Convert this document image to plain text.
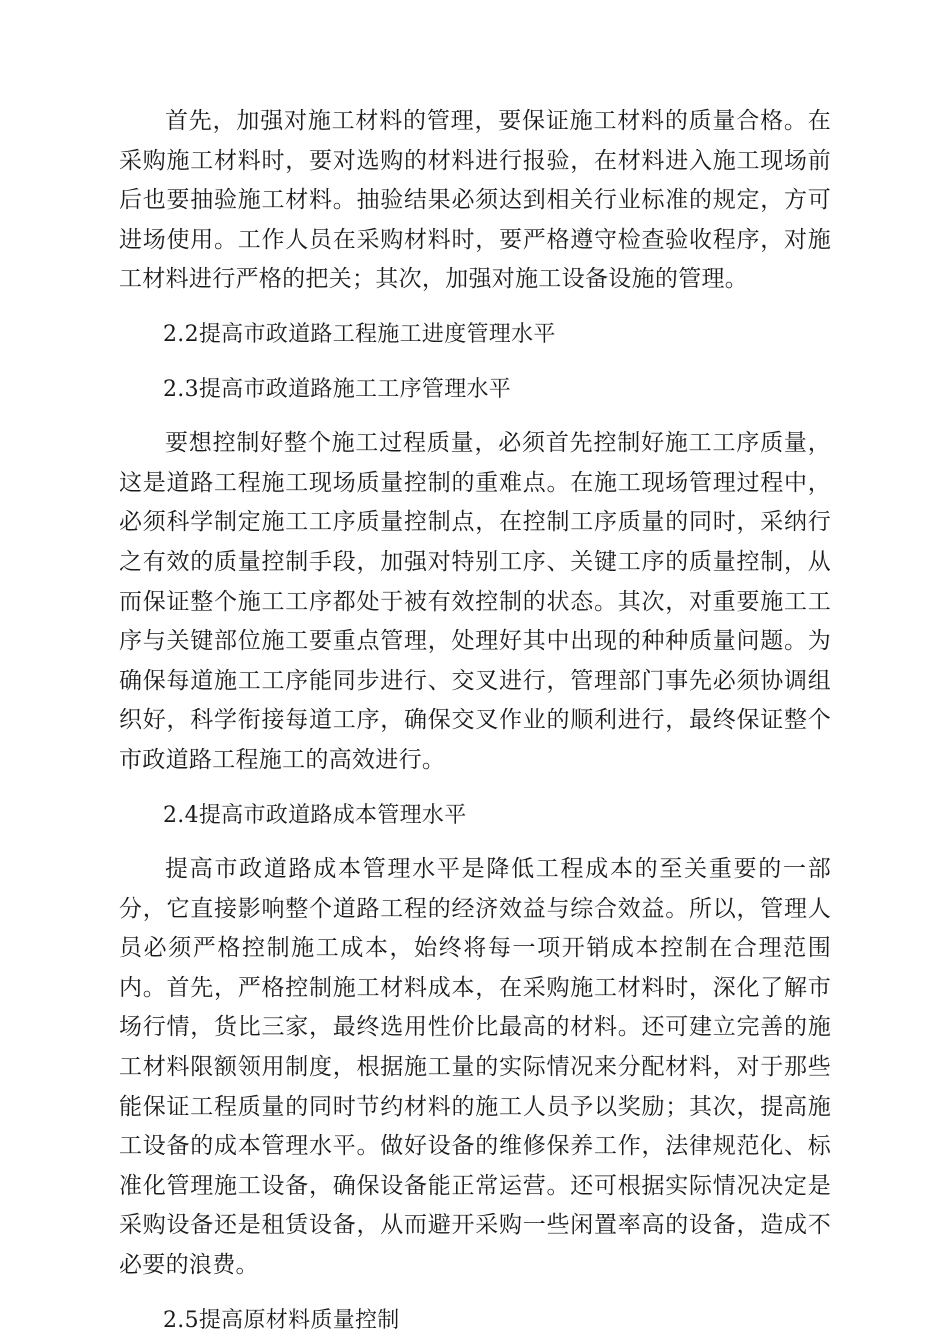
首先，加强对施工材料的管理，要保证施工材料的质量合格。在采购施工材料时，要对选购的材料进行报验，在材料进入施工现场前后也要抽验施工材料。抽验结果必须达到相关行业标准的规定，方可进场使用。工作人员在采购材料时，要严格遵守检查验收程序，对施工材料进行严格的把关；其次，加强对施工设备设施的管理。

2.2提高市政道路工程施工进度管理水平

2.3提高市政道路施工工序管理水平

要想控制好整个施工过程质量，必须首先控制好施工工序质量，这是道路工程施工现场质量控制的重难点。在施工现场管理过程中，必须科学制定施工工序质量控制点，在控制工序质量的同时，采纳行之有效的质量控制手段，加强对特别工序、关键工序的质量控制，从而保证整个施工工序都处于被有效控制的状态。其次，对重要施工工序与关键部位施工要重点管理，处理好其中出现的种种质量问题。为确保每道施工工序能同步进行、交叉进行，管理部门事先必须协调组织好，科学衔接每道工序，确保交叉作业的顺利进行，最终保证整个市政道路工程施工的高效进行。

2.4提高市政道路成本管理水平

提高市政道路成本管理水平是降低工程成本的至关重要的一部分，它直接影响整个道路工程的经济效益与综合效益。所以，管理人员必须严格控制施工成本，始终将每一项开销成本控制在合理范围内。首先，严格控制施工材料成本，在采购施工材料时，深化了解市场行情，货比三家，最终选用性价比最高的材料。还可建立完善的施工材料限额领用制度，根据施工量的实际情况来分配材料，对于那些能保证工程质量的同时节约材料的施工人员予以奖励；其次，提高施工设备的成本管理水平。做好设备的维修保养工作，法律规范化、标准化管理施工设备，确保设备能正常运营。还可根据实际情况决定是采购设备还是租赁设备，从而避开采购一些闲置率高的设备，造成不必要的浪费。

2.5提高原材料质量控制
